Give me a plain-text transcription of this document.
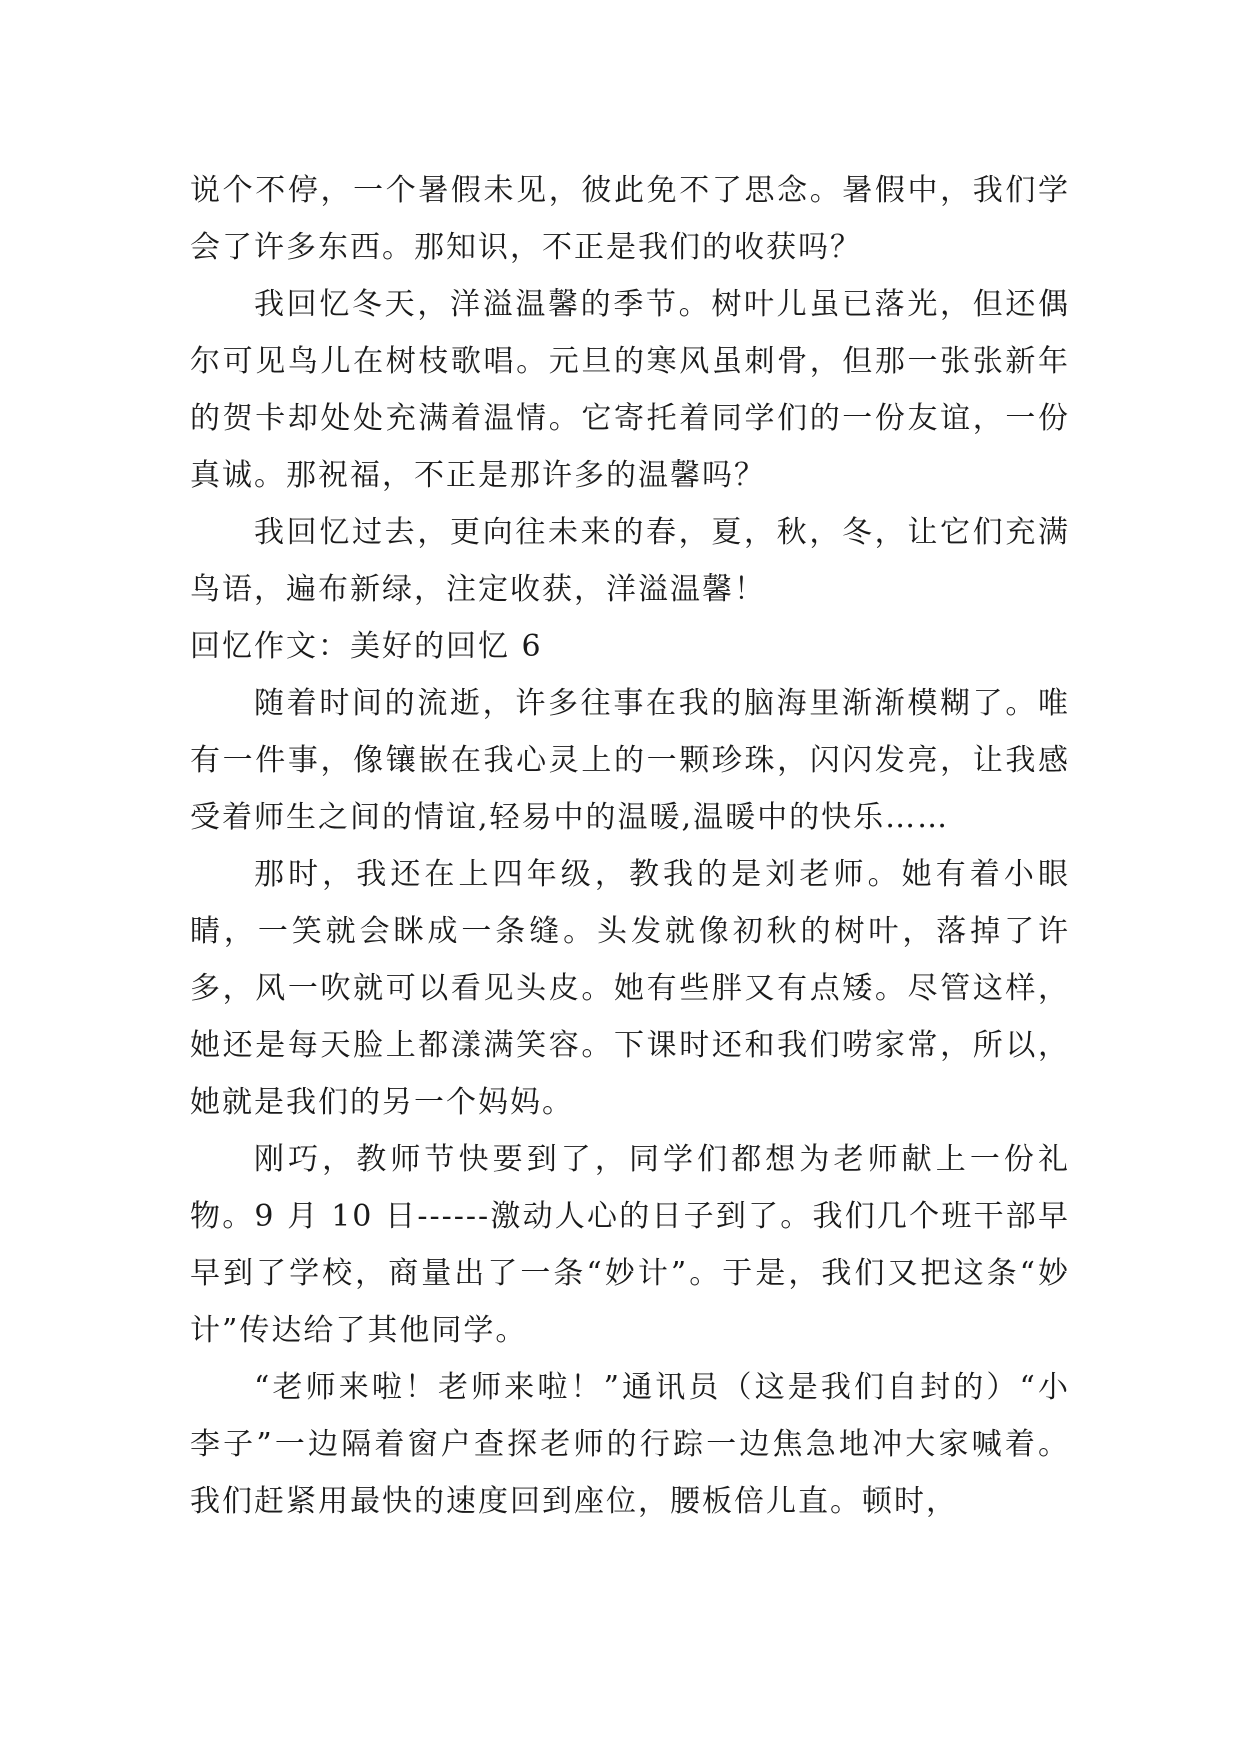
说个不停，一个暑假未见，彼此免不了思念。暑假中，我们学会了许多东西。那知识，不正是我们的收获吗？

我回忆冬天，洋溢温馨的季节。树叶儿虽已落光，但还偶尔可见鸟儿在树枝歌唱。元旦的寒风虽刺骨，但那一张张新年的贺卡却处处充满着温情。它寄托着同学们的一份友谊，一份真诚。那祝福，不正是那许多的温馨吗？

我回忆过去，更向往未来的春，夏，秋，冬，让它们充满鸟语，遍布新绿，注定收获，洋溢温馨！

回忆作文：美好的回忆 6

随着时间的流逝，许多往事在我的脑海里渐渐模糊了。唯有一件事，像镶嵌在我心灵上的一颗珍珠，闪闪发亮，让我感受着师生之间的情谊,轻易中的温暖,温暖中的快乐……

那时，我还在上四年级，教我的是刘老师。她有着小眼睛，一笑就会眯成一条缝。头发就像初秋的树叶，落掉了许多，风一吹就可以看见头皮。她有些胖又有点矮。尽管这样，她还是每天脸上都漾满笑容。下课时还和我们唠家常，所以，她就是我们的另一个妈妈。

刚巧，教师节快要到了，同学们都想为老师献上一份礼物。9 月 10 日------激动人心的日子到了。我们几个班干部早早到了学校，商量出了一条“妙计”。于是，我们又把这条“妙计”传达给了其他同学。

“老师来啦！老师来啦！”通讯员（这是我们自封的）“小李子”一边隔着窗户查探老师的行踪一边焦急地冲大家喊着。我们赶紧用最快的速度回到座位，腰板倍儿直。顿时，
